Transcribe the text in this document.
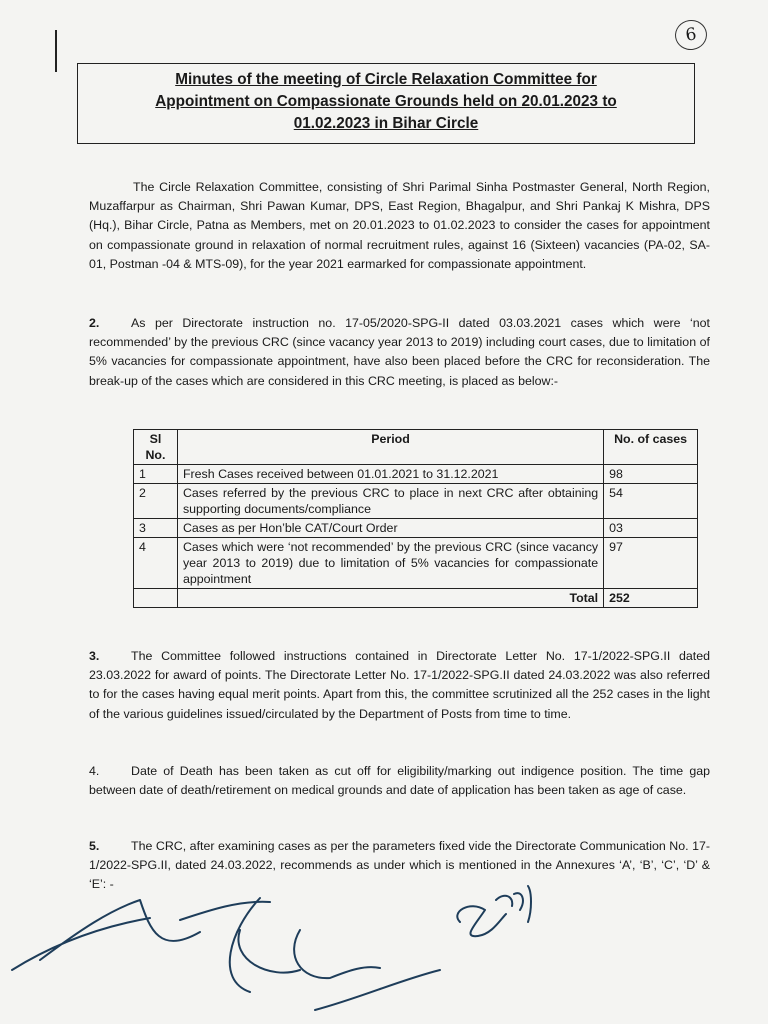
6
Minutes of the meeting of Circle Relaxation Committee for
Appointment on Compassionate Grounds held on 20.01.2023 to
01.02.2023 in Bihar Circle
The Circle Relaxation Committee, consisting of Shri Parimal Sinha Postmaster General, North Region, Muzaffarpur as Chairman, Shri Pawan Kumar, DPS, East Region, Bhagalpur, and Shri Pankaj K Mishra, DPS (Hq.), Bihar Circle, Patna as Members, met on 20.01.2023 to 01.02.2023 to consider the cases for appointment on compassionate ground in relaxation of normal recruitment rules, against 16 (Sixteen) vacancies (PA-02, SA- 01, Postman -04 & MTS-09), for the year 2021 earmarked for compassionate appointment.
2.	As per Directorate instruction no. 17-05/2020-SPG-II dated 03.03.2021 cases which were ‘not recommended’ by the previous CRC (since vacancy year 2013 to 2019) including court cases, due to limitation of 5% vacancies for compassionate appointment, have also been placed before the CRC for reconsideration. The break-up of the cases which are considered in this CRC meeting, is placed as below:-
Sl No.	Period	No. of cases
1	Fresh Cases received between 01.01.2021 to 31.12.2021	98
2	Cases referred by the previous CRC to place in next CRC after obtaining supporting documents/compliance	54
3	Cases as per Hon’ble CAT/Court Order	03
4	Cases which were ‘not recommended’ by the previous CRC (since vacancy year 2013 to 2019) due to limitation of 5% vacancies for compassionate appointment	97
	Total	252
3.	The Committee followed instructions contained in Directorate Letter No. 17-1/2022-SPG.II dated 23.03.2022 for award of points. The Directorate Letter No. 17-1/2022-SPG.II dated 24.03.2022 was also referred to for the cases having equal merit points. Apart from this, the committee scrutinized all the 252 cases in the light of the various guidelines issued/circulated by the Department of Posts from time to time.
4.	Date of Death has been taken as cut off for eligibility/marking out indigence position. The time gap between date of death/retirement on medical grounds and date of application has been taken as age of case.
5.	The CRC, after examining cases as per the parameters fixed vide the Directorate Communication No. 17-1/2022-SPG.II, dated 24.03.2022, recommends as under which is mentioned in the Annexures ‘A’, ‘B’, ‘C’, ‘D’ & ‘E’: -
